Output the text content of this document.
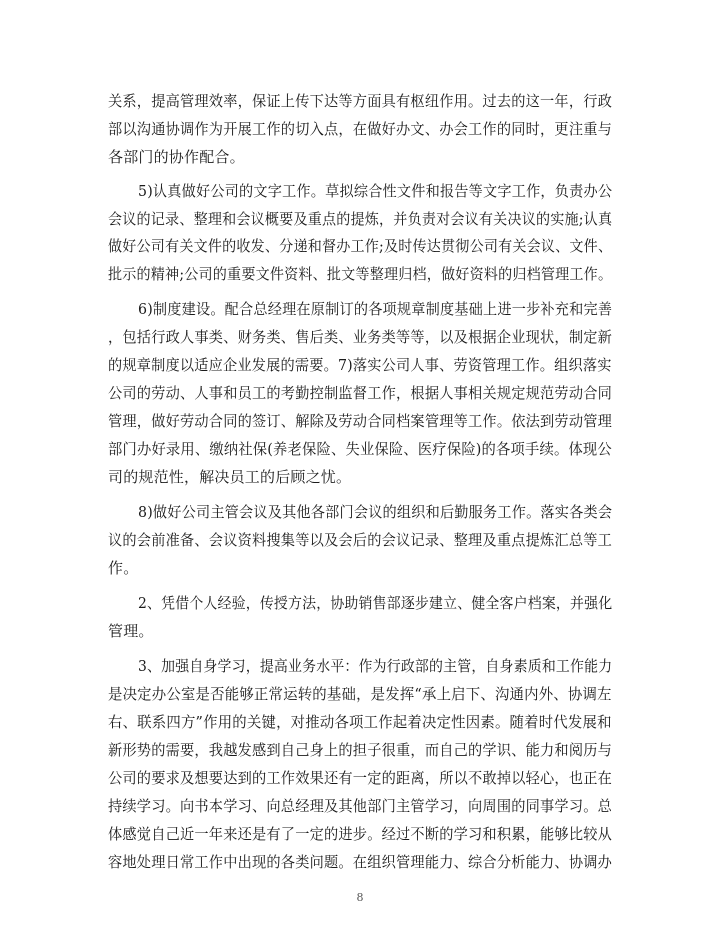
关系，提高管理效率，保证上传下达等方面具有枢纽作用。过去的这一年，行政
部以沟通协调作为开展工作的切入点，在做好办文、办会工作的同时，更注重与
各部门的协作配合。
5)认真做好公司的文字工作。草拟综合性文件和报告等文字工作，负责办公
会议的记录、整理和会议概要及重点的提炼，并负责对会议有关决议的实施;认真
做好公司有关文件的收发、分递和督办工作;及时传达贯彻公司有关会议、文件、
批示的精神;公司的重要文件资料、批文等整理归档，做好资料的归档管理工作。
6)制度建设。配合总经理在原制订的各项规章制度基础上进一步补充和完善
，包括行政人事类、财务类、售后类、业务类等等，以及根据企业现状，制定新
的规章制度以适应企业发展的需要。7)落实公司人事、劳资管理工作。组织落实
公司的劳动、人事和员工的考勤控制监督工作，根据人事相关规定规范劳动合同
管理，做好劳动合同的签订、解除及劳动合同档案管理等工作。依法到劳动管理
部门办好录用、缴纳社保(养老保险、失业保险、医疗保险)的各项手续。体现公
司的规范性，解决员工的后顾之忧。
8)做好公司主管会议及其他各部门会议的组织和后勤服务工作。落实各类会
议的会前准备、会议资料搜集等以及会后的会议记录、整理及重点提炼汇总等工
作。
2、凭借个人经验，传授方法，协助销售部逐步建立、健全客户档案，并强化
管理。
3、加强自身学习，提高业务水平：作为行政部的主管，自身素质和工作能力
是决定办公室是否能够正常运转的基础，是发挥“承上启下、沟通内外、协调左
右、联系四方”作用的关键，对推动各项工作起着决定性因素。随着时代发展和
新形势的需要，我越发感到自己身上的担子很重，而自己的学识、能力和阅历与
公司的要求及想要达到的工作效果还有一定的距离，所以不敢掉以轻心，也正在
持续学习。向书本学习、向总经理及其他部门主管学习，向周围的同事学习。总
体感觉自己近一年来还是有了一定的进步。经过不断的学习和积累，能够比较从
容地处理日常工作中出现的各类问题。在组织管理能力、综合分析能力、协调办
8
